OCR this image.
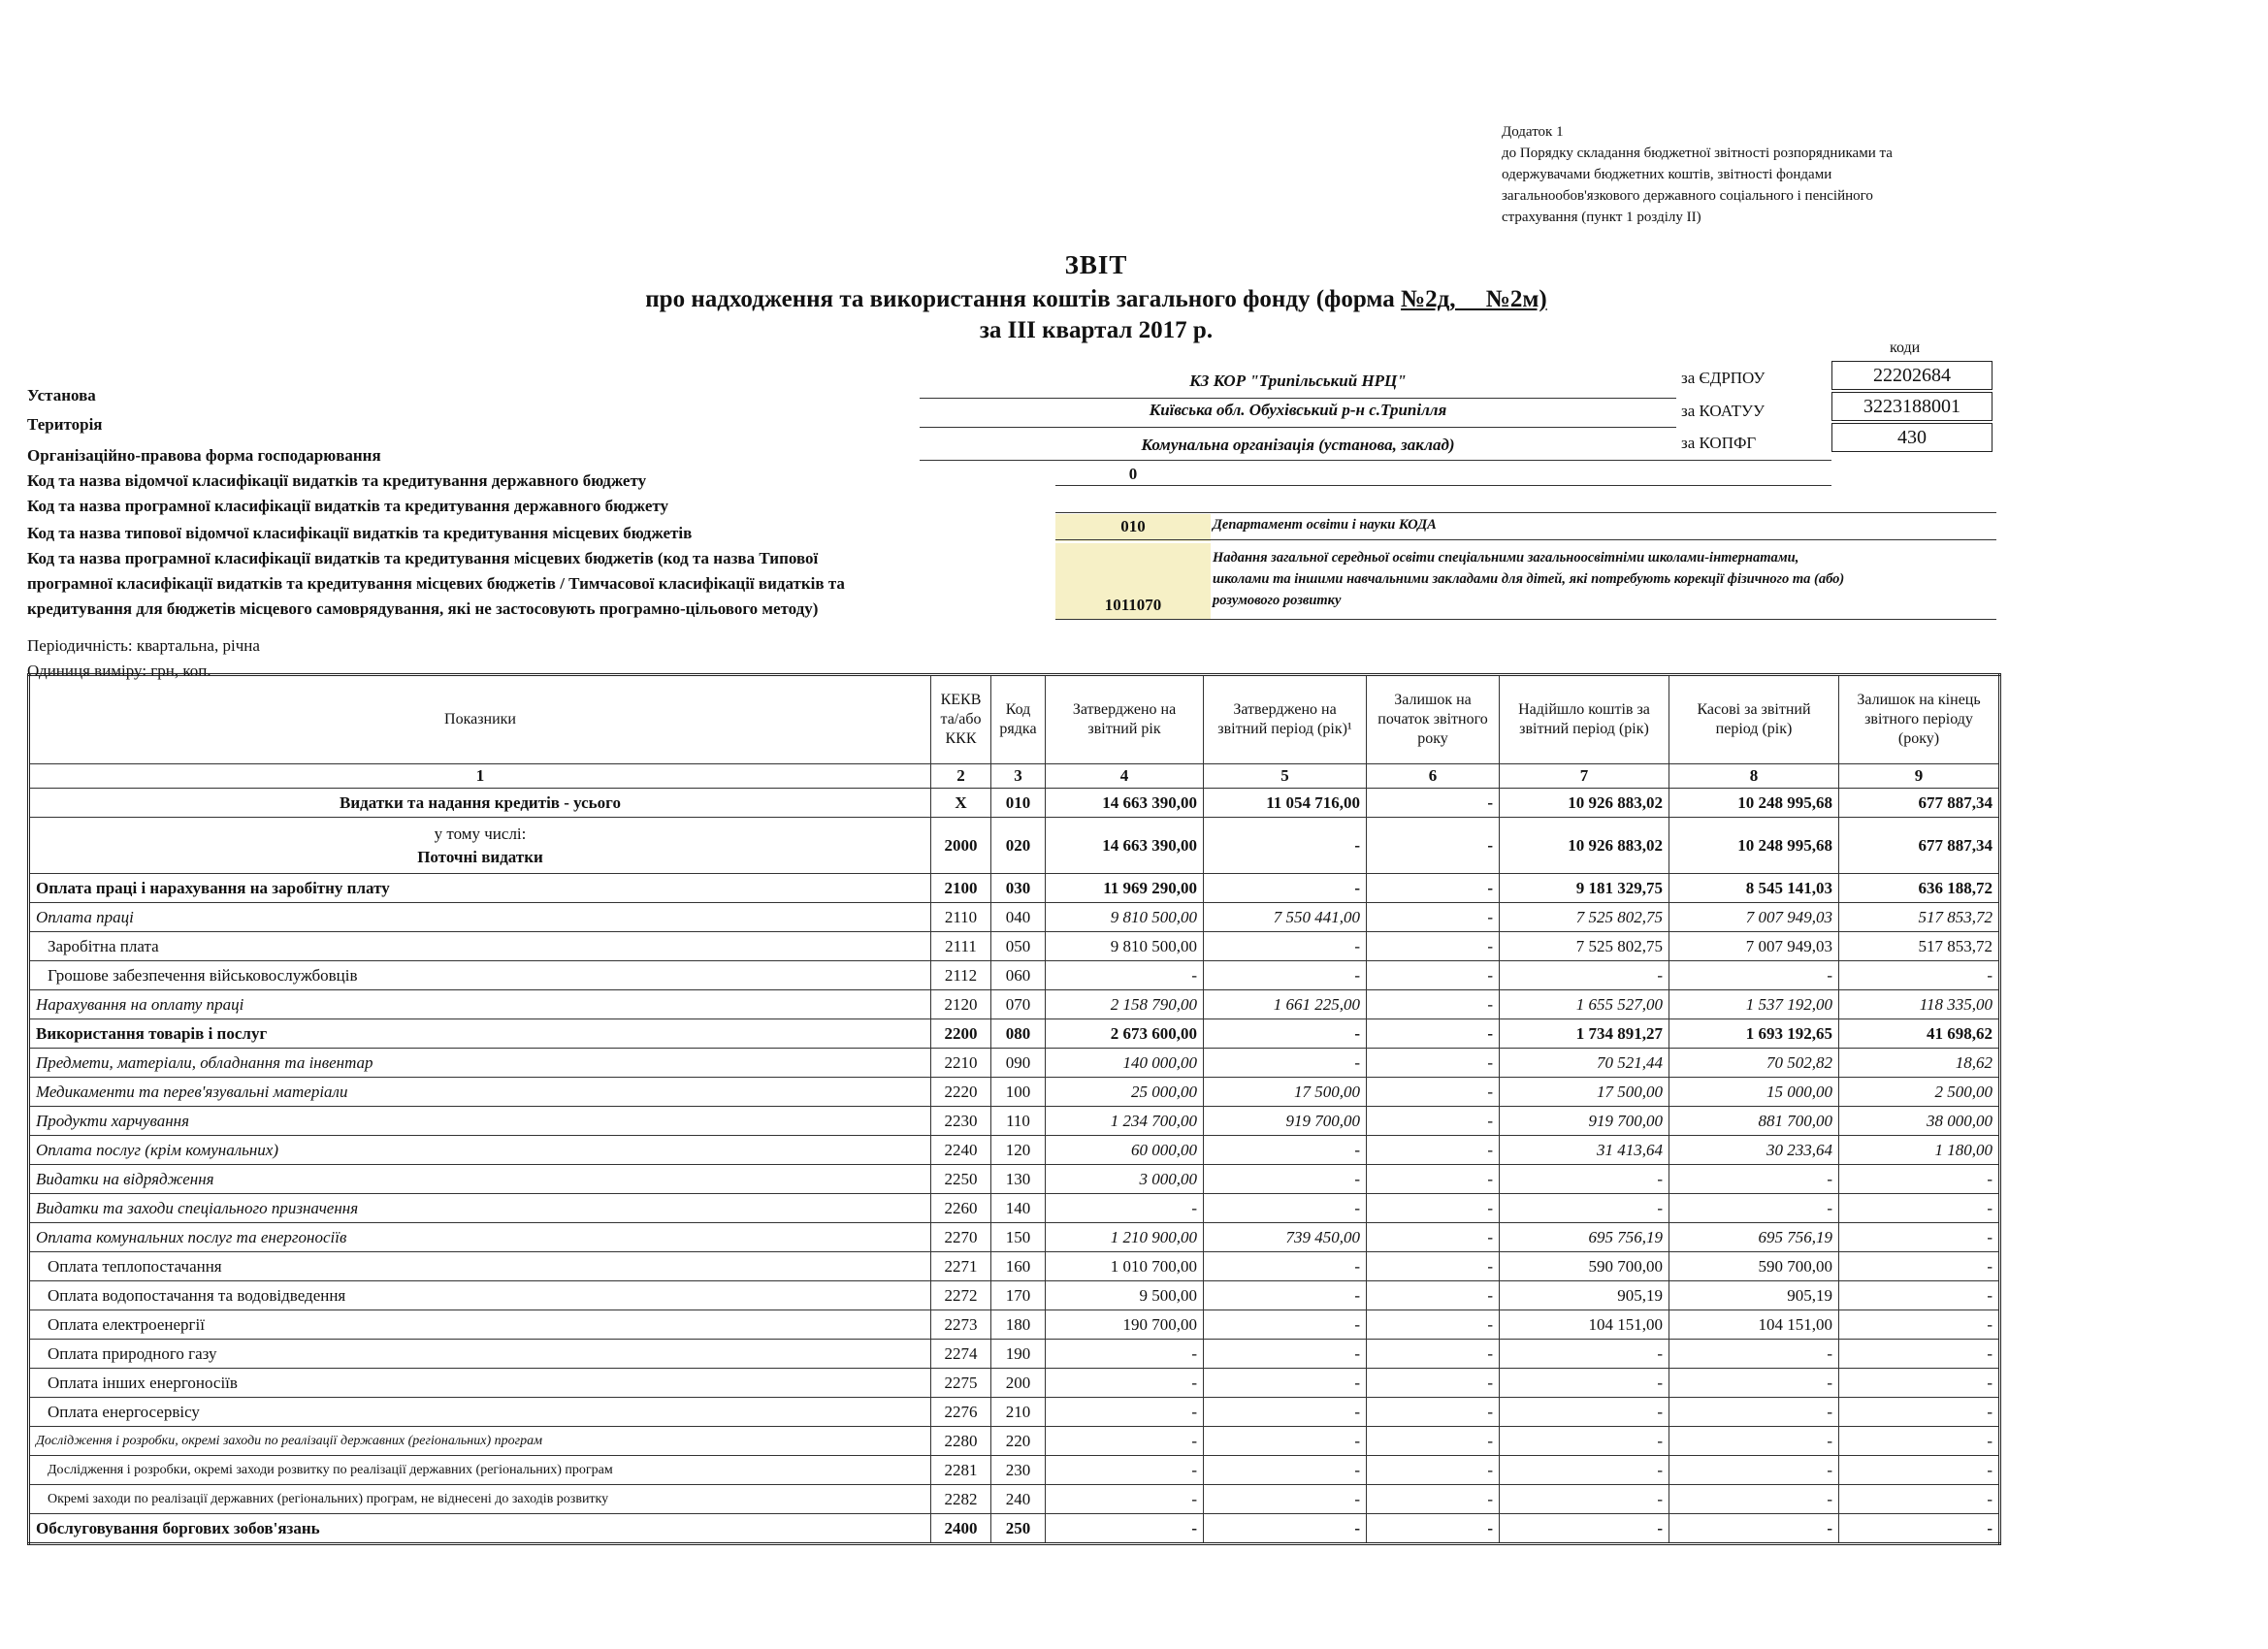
Додаток 1
до Порядку складання бюджетної звітності розпорядниками та
одержувачами бюджетних коштів, звітності фондами
загальнообов'язкового державного соціального і пенсійного
страхування (пункт 1 розділу II)
ЗВІТ
про надходження та використання коштів загального фонду (форма №2д,     №2м)
за III квартал 2017 р.
коди
за ЄДРПОУ	22202684
за КОАТУУ	3223188001
за КОПФГ	430
Установа
КЗ КОР "Трипільський НРЦ"
Територія
Київська обл. Обухівський р-н с.Трипілля
Організаційно-правова форма господарювання
Комунальна організація (установа, заклад)
Код та назва відомчої класифікації видатків та кредитування державного бюджету	0
Код та назва програмної класифікації видатків та кредитування державного бюджету
Код та назва типової відомчої класифікації видатків та кредитування місцевих бюджетів	010	Департамент освіти і науки КОДА
Код та назва програмної класифікації видатків та кредитування місцевих бюджетів (код та назва Типової
програмної класифікації видатків та кредитування місцевих бюджетів / Тимчасової класифікації видатків та
кредитування для бюджетів місцевого самоврядування, які не застосовують програмно-цільового методу)	1011070
Надання загальної середньої освіти спеціальними загальноосвітніми школами-інтернатами,
школами та іншими навчальними закладами для дітей, які потребують корекції фізичного та (або)
розумового розвитку
Періодичність: квартальна, річна
Одиниця виміру: грн, коп.
Показники	КЕКВ та/або ККК	Код рядка	Затверджено на звітний рік	Затверджено на звітний період (рік)¹	Залишок на початок звітного року	Надійшло коштів за звітний період (рік)	Касові за звітний період (рік)	Залишок на кінець звітного періоду (року)
1	2	3	4	5	6	7	8	9
Видатки та надання кредитів - усього	X	010	14 663 390,00	11 054 716,00	-	10 926 883,02	10 248 995,68	677 887,34

у тому числі:
Поточні видатки	2000	020	14 663 390,00	-	-	10 926 883,02	10 248 995,68	677 887,34
Оплата праці і нарахування на заробітну плату	2100	030	11 969 290,00	-	-	9 181 329,75	8 545 141,03	636 188,72
Оплата праці	2110	040	9 810 500,00	7 550 441,00	-	7 525 802,75	7 007 949,03	517 853,72
Заробітна плата	2111	050	9 810 500,00	-	-	7 525 802,75	7 007 949,03	517 853,72
Грошове забезпечення військовослужбовців	2112	060	-	-	-	-	-	-
Нарахування на оплату праці	2120	070	2 158 790,00	1 661 225,00	-	1 655 527,00	1 537 192,00	118 335,00
Використання товарів і послуг	2200	080	2 673 600,00	-	-	1 734 891,27	1 693 192,65	41 698,62
Предмети, матеріали, обладнання та інвентар	2210	090	140 000,00	-	-	70 521,44	70 502,82	18,62
Медикаменти та перев'язувальні матеріали	2220	100	25 000,00	17 500,00	-	17 500,00	15 000,00	2 500,00
Продукти харчування	2230	110	1 234 700,00	919 700,00	-	919 700,00	881 700,00	38 000,00
Оплата послуг (крім комунальних)	2240	120	60 000,00	-	-	31 413,64	30 233,64	1 180,00
Видатки на відрядження	2250	130	3 000,00	-	-	-	-	-
Видатки та заходи спеціального призначення	2260	140	-	-	-	-	-	-
Оплата комунальних послуг та енергоносіїв	2270	150	1 210 900,00	739 450,00	-	695 756,19	695 756,19	-
Оплата теплопостачання	2271	160	1 010 700,00	-	-	590 700,00	590 700,00	-
Оплата водопостачання та водовідведення	2272	170	9 500,00	-	-	905,19	905,19	-
Оплата електроенергії	2273	180	190 700,00	-	-	104 151,00	104 151,00	-
Оплата природного газу	2274	190	-	-	-	-	-	-
Оплата інших енергоносіїв	2275	200	-	-	-	-	-	-
Оплата енергосервісу	2276	210	-	-	-	-	-	-
Дослідження і розробки, окремі заходи по реалізації державних (регіональних) програм	2280	220	-	-	-	-	-	-
Дослідження і розробки, окремі заходи розвитку по реалізації державних (регіональних) програм	2281	230	-	-	-	-	-	-
Окремі заходи по реалізації державних (регіональних) програм, не віднесені до заходів розвитку	2282	240	-	-	-	-	-	-
Обслуговування боргових зобов'язань	2400	250	-	-	-	-	-	-
